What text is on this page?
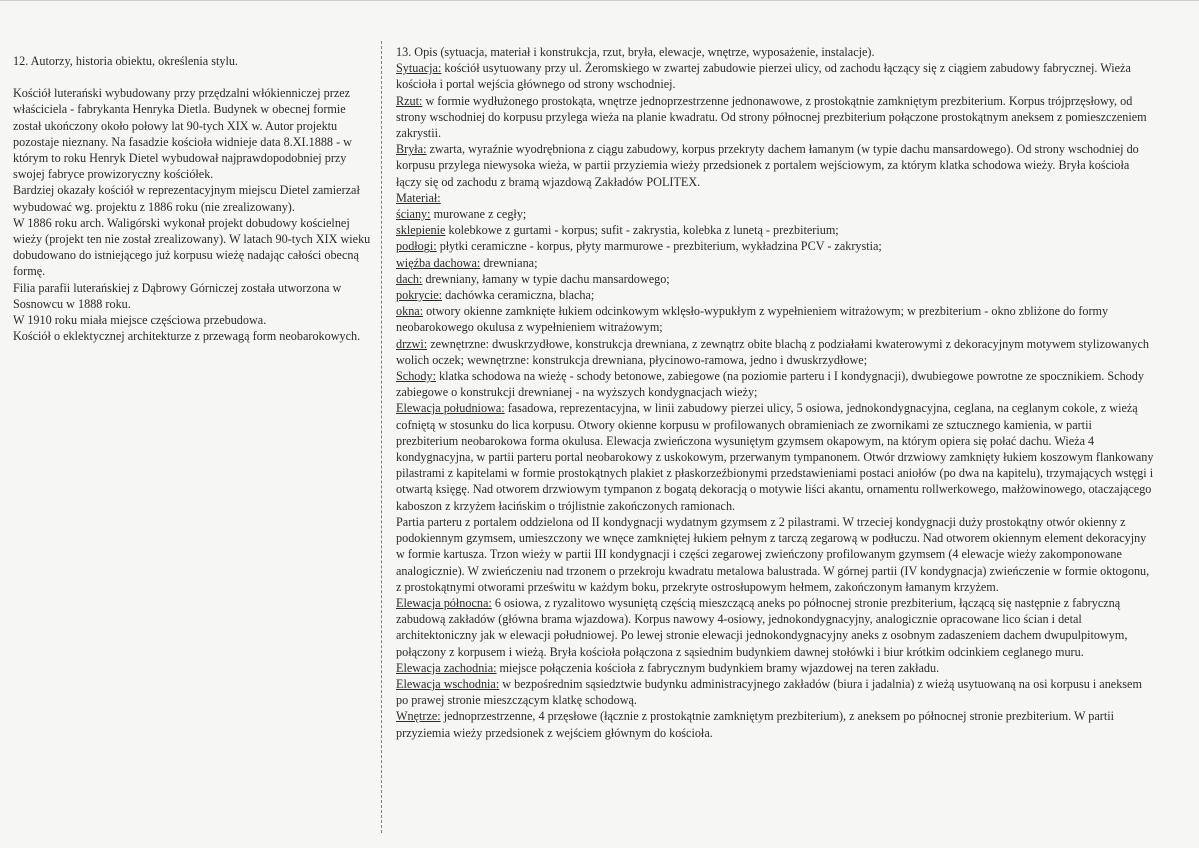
12. Autorzy, historia obiektu, określenia stylu.

Kościół luterański wybudowany przy przędzalni włókienniczej przez właściciela - fabrykanta Henryka Dietla. Budynek w obecnej formie został ukończony około połowy lat 90-tych XIX w. Autor projektu pozostaje nieznany. Na fasadzie kościoła widnieje data 8.XI.1888 - w którym to roku Henryk Dietel wybudował najprawdopodobniej przy swojej fabryce prowizoryczny kościółek.

Bardziej okazały kościół w reprezentacyjnym miejscu Dietel zamierzał wybudować wg. projektu z 1886 roku (nie zrealizowany).

W 1886 roku arch. Waligórski wykonał projekt dobudowy kościelnej wieży (projekt ten nie został zrealizowany). W latach 90-tych XIX wieku dobudowano do istniejącego już korpusu wieżę nadając całości obecną formę.

Filia parafii luterańskiej z Dąbrowy Górniczej została utworzona w Sosnowcu w 1888 roku.

W 1910 roku miała miejsce częściowa przebudowa.

Kościół o eklektycznej architekturze z przewagą form neobarokowych.

13. Opis (sytuacja, materiał i konstrukcja, rzut, bryła, elewacje, wnętrze, wyposażenie, instalacje).

Sytuacja: kościół usytuowany przy ul. Żeromskiego w zwartej zabudowie pierzei ulicy, od zachodu łączący się z ciągiem zabudowy fabrycznej. Wieża kościoła i portal wejścia głównego od strony wschodniej.

Rzut: w formie wydłużonego prostokąta, wnętrze jednoprzestrzenne jednonawowe, z prostokątnie zamkniętym prezbiterium. Korpus trójprzęsłowy, od strony wschodniej do korpusu przylega wieża na planie kwadratu. Od strony północnej prezbiterium połączone prostokątnym aneksem z pomieszczeniem zakrystii.

Bryła: zwarta, wyraźnie wyodrębniona z ciągu zabudowy, korpus przekryty dachem łamanym (w typie dachu mansardowego). Od strony wschodniej do korpusu przylega niewysoka wieża, w partii przyziemia wieży przedsionek z portalem wejściowym, za którym klatka schodowa wieży. Bryła kościoła łączy się od zachodu z bramą wjazdową Zakładów POLITEX.

Materiał:

ściany: murowane z cegły;

sklepienie kolebkowe z gurtami - korpus; sufit - zakrystia, kolebka z lunetą - prezbiterium;

podłogi: płytki ceramiczne - korpus, płyty marmurowe - prezbiterium, wykładzina PCV - zakrystia;

więźba dachowa: drewniana;

dach: drewniany, łamany w typie dachu mansardowego;

pokrycie: dachówka ceramiczna, blacha;

okna: otwory okienne zamknięte łukiem odcinkowym wklęsło-wypukłym z wypełnieniem witrażowym; w prezbiterium - okno zbliżone do formy neobarokowego okulusa z wypełnieniem witrażowym;

drzwi: zewnętrzne: dwuskrzydłowe, konstrukcja drewniana, z zewnątrz obite blachą z podziałami kwaterowymi z dekoracyjnym motywem stylizowanych wolich oczek; wewnętrzne: konstrukcja drewniana, płycinowo-ramowa, jedno i dwuskrzydłowe;

Schody: klatka schodowa na wieżę - schody betonowe, zabiegowe (na poziomie parteru i I kondygnacji), dwubiegowe powrotne ze spocznikiem. Schody zabiegowe o konstrukcji drewnianej - na wyższych kondygnacjach wieży;

Elewacja południowa: fasadowa, reprezentacyjna, w linii zabudowy pierzei ulicy, 5 osiowa, jednokondygnacyjna, ceglana, na ceglanym cokole, z wieżą cofniętą w stosunku do lica korpusu. Otwory okienne korpusu w profilowanych obramieniach ze zwornikami ze sztucznego kamienia, w partii prezbiterium neobarokowa forma okulusa. Elewacja zwieńczona wysuniętym gzymsem okapowym, na którym opiera się połać dachu. Wieża 4 kondygnacyjna, w partii parteru portal neobarokowy z uskokowym, przerwanym tympanonem. Otwór drzwiowy zamknięty łukiem koszowym flankowany pilastrami z kapitelami w formie prostokątnych plakiet z płaskorzeźbionymi przedstawieniami postaci aniołów (po dwa na kapitelu), trzymających wstęgi i otwartą księgę. Nad otworem drzwiowym tympanon z bogatą dekoracją o motywie liści akantu, ornamentu rollwerkowego, małżowinowego, otaczającego kaboszon z krzyżem łacińskim o trójlistnie zakończonych ramionach.

Partia parteru z portalem oddzielona od II kondygnacji wydatnym gzymsem z 2 pilastrami. W trzeciej kondygnacji duży prostokątny otwór okienny z podokiennym gzymsem, umieszczony we wnęce zamkniętej łukiem pełnym z tarczą zegarową w podłuczu. Nad otworem okiennym element dekoracyjny w formie kartusza. Trzon wieży w partii III kondygnacji i części zegarowej zwieńczony profilowanym gzymsem (4 elewacje wieży zakomponowane analogicznie). W zwieńczeniu nad trzonem o przekroju kwadratu metalowa balustrada. W górnej partii (IV kondygnacja) zwieńczenie w formie oktogonu, z prostokątnymi otworami prześwitu w każdym boku, przekryte ostrosłupowym hełmem, zakończonym łamanym krzyżem.

Elewacja północna: 6 osiowa, z ryzalitowo wysuniętą częścią mieszczącą aneks po północnej stronie prezbiterium, łączącą się następnie z fabryczną zabudową zakładów (główna brama wjazdowa). Korpus nawowy 4-osiowy, jednokondygnacyjny, analogicznie opracowane lico ścian i detal architektoniczny jak w elewacji południowej. Po lewej stronie elewacji jednokondygnacyjny aneks z osobnym zadaszeniem dachem dwupulpitowym, połączony z korpusem i wieżą. Bryła kościoła połączona z sąsiednim budynkiem dawnej stołówki i biur krótkim odcinkiem ceglanego muru.

Elewacja zachodnia: miejsce połączenia kościoła z fabrycznym budynkiem bramy wjazdowej na teren zakładu.

Elewacja wschodnia: w bezpośrednim sąsiedztwie budynku administracyjnego zakładów (biura i jadalnia) z wieżą usytuowaną na osi korpusu i aneksem po prawej stronie mieszczącym klatkę schodową.

Wnętrze: jednoprzestrzenne, 4 przęsłowe (łącznie z prostokątnie zamkniętym prezbiterium), z aneksem po północnej stronie prezbiterium. W partii przyziemia wieży przedsionek z wejściem głównym do kościoła.
